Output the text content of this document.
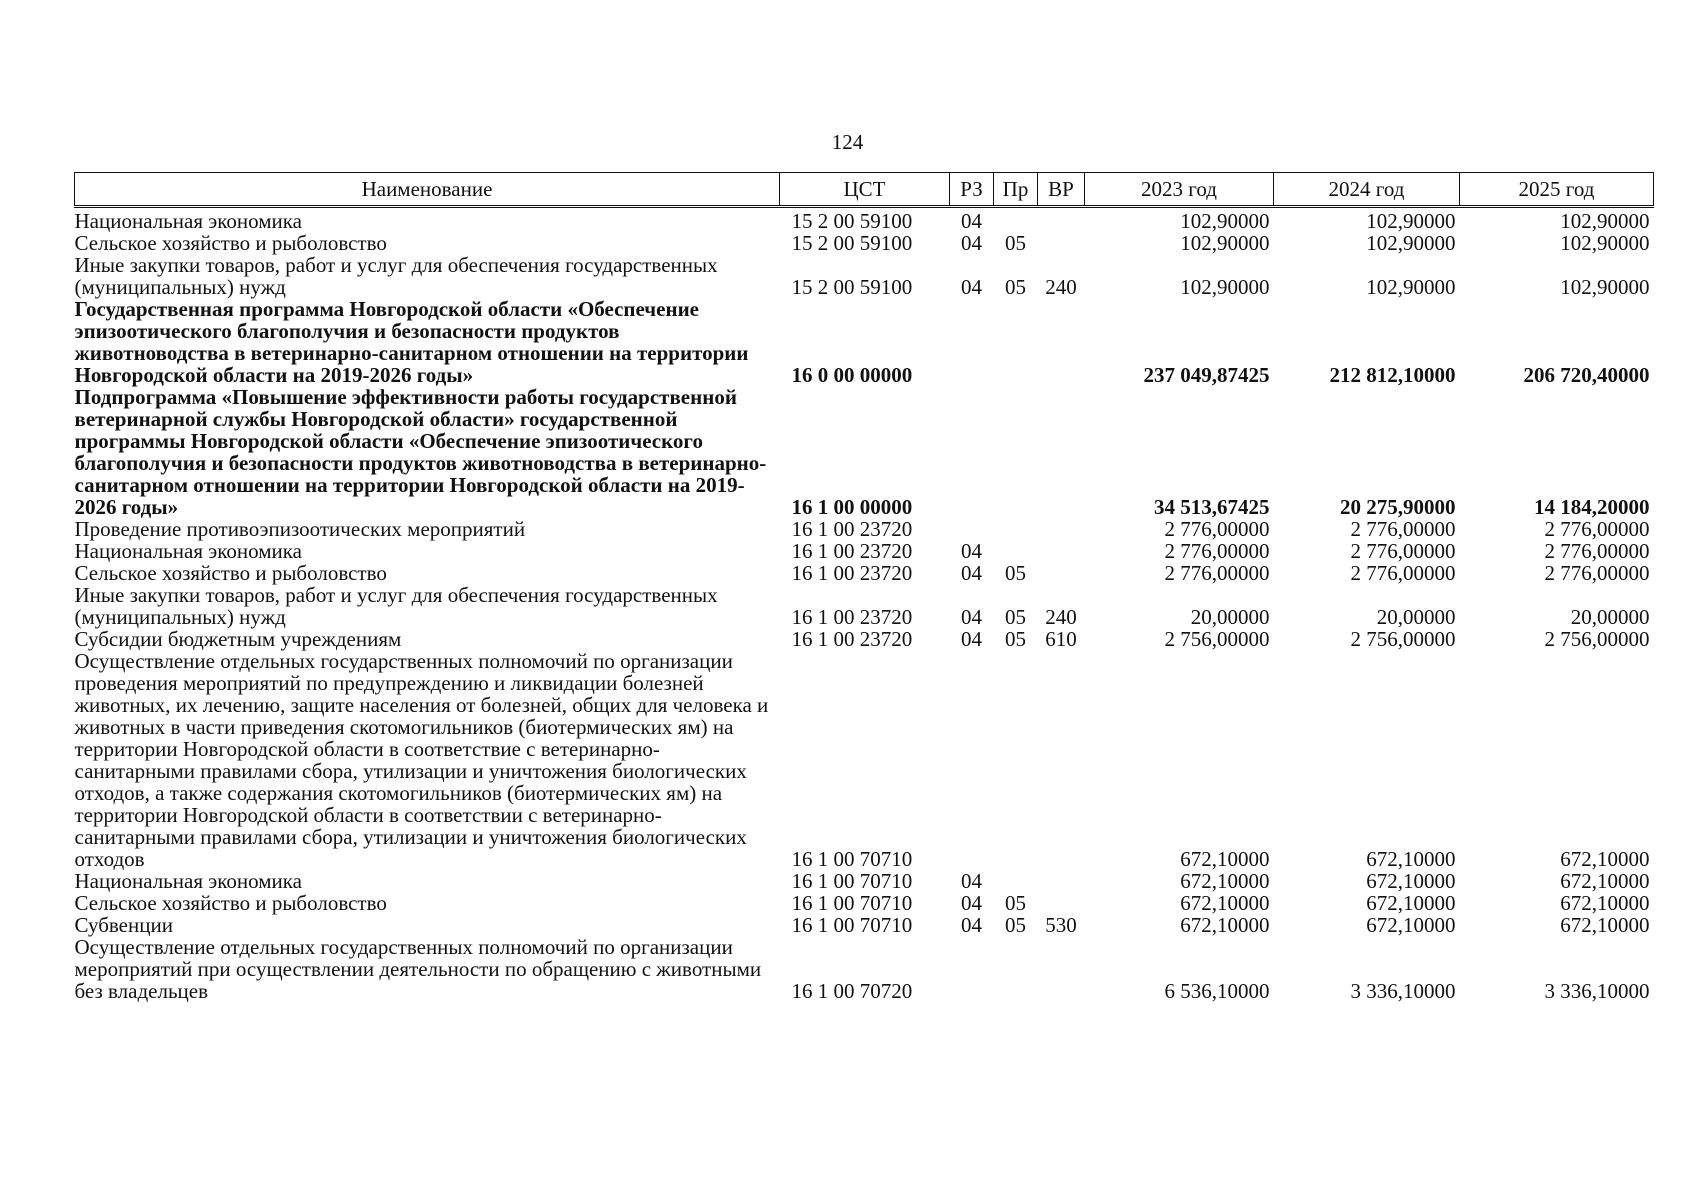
124
Наименование	ЦСТ	РЗ	Пр	ВР	2023 год	2024 год	2025 год
Национальная экономика	15 2 00 59100	04			102,90000	102,90000	102,90000
Сельское хозяйство и рыболовство	15 2 00 59100	04	05		102,90000	102,90000	102,90000
Иные закупки товаров, работ и услуг для обеспечения государственных (муниципальных) нужд	15 2 00 59100	04	05	240	102,90000	102,90000	102,90000
Государственная программа Новгородской области «Обеспечение эпизоотического благополучия и безопасности продуктов животноводства в ветеринарно-санитарном отношении на территории Новгородской области на 2019-2026 годы»	16 0 00 00000				237 049,87425	212 812,10000	206 720,40000
Подпрограмма «Повышение эффективности работы государственной ветеринарной службы Новгородской области» государственной программы Новгородской области «Обеспечение эпизоотического благополучия и безопасности продуктов животноводства в ветеринарно-санитарном отношении на территории Новгородской области на 2019-2026 годы»	16 1 00 00000				34 513,67425	20 275,90000	14 184,20000
Проведение противоэпизоотических мероприятий	16 1 00 23720				2 776,00000	2 776,00000	2 776,00000
Национальная экономика	16 1 00 23720	04			2 776,00000	2 776,00000	2 776,00000
Сельское хозяйство и рыболовство	16 1 00 23720	04	05		2 776,00000	2 776,00000	2 776,00000
Иные закупки товаров, работ и услуг для обеспечения государственных (муниципальных) нужд	16 1 00 23720	04	05	240	20,00000	20,00000	20,00000
Субсидии бюджетным учреждениям	16 1 00 23720	04	05	610	2 756,00000	2 756,00000	2 756,00000
Осуществление отдельных государственных полномочий по организации проведения мероприятий по предупреждению и ликвидации болезней животных, их лечению, защите населения от болезней, общих для человека и животных в части приведения скотомогильников (биотермических ям) на территории Новгородской области в соответствие с ветеринарно-санитарными правилами сбора, утилизации и уничтожения биологических отходов, а также содержания скотомогильников (биотермических ям) на территории Новгородской области в соответствии с ветеринарно-санитарными правилами сбора, утилизации и уничтожения биологических отходов	16 1 00 70710				672,10000	672,10000	672,10000
Национальная экономика	16 1 00 70710	04			672,10000	672,10000	672,10000
Сельское хозяйство и рыболовство	16 1 00 70710	04	05		672,10000	672,10000	672,10000
Субвенции	16 1 00 70710	04	05	530	672,10000	672,10000	672,10000
Осуществление отдельных государственных полномочий по организации мероприятий при осуществлении деятельности по обращению с животными без владельцев	16 1 00 70720				6 536,10000	3 336,10000	3 336,10000
